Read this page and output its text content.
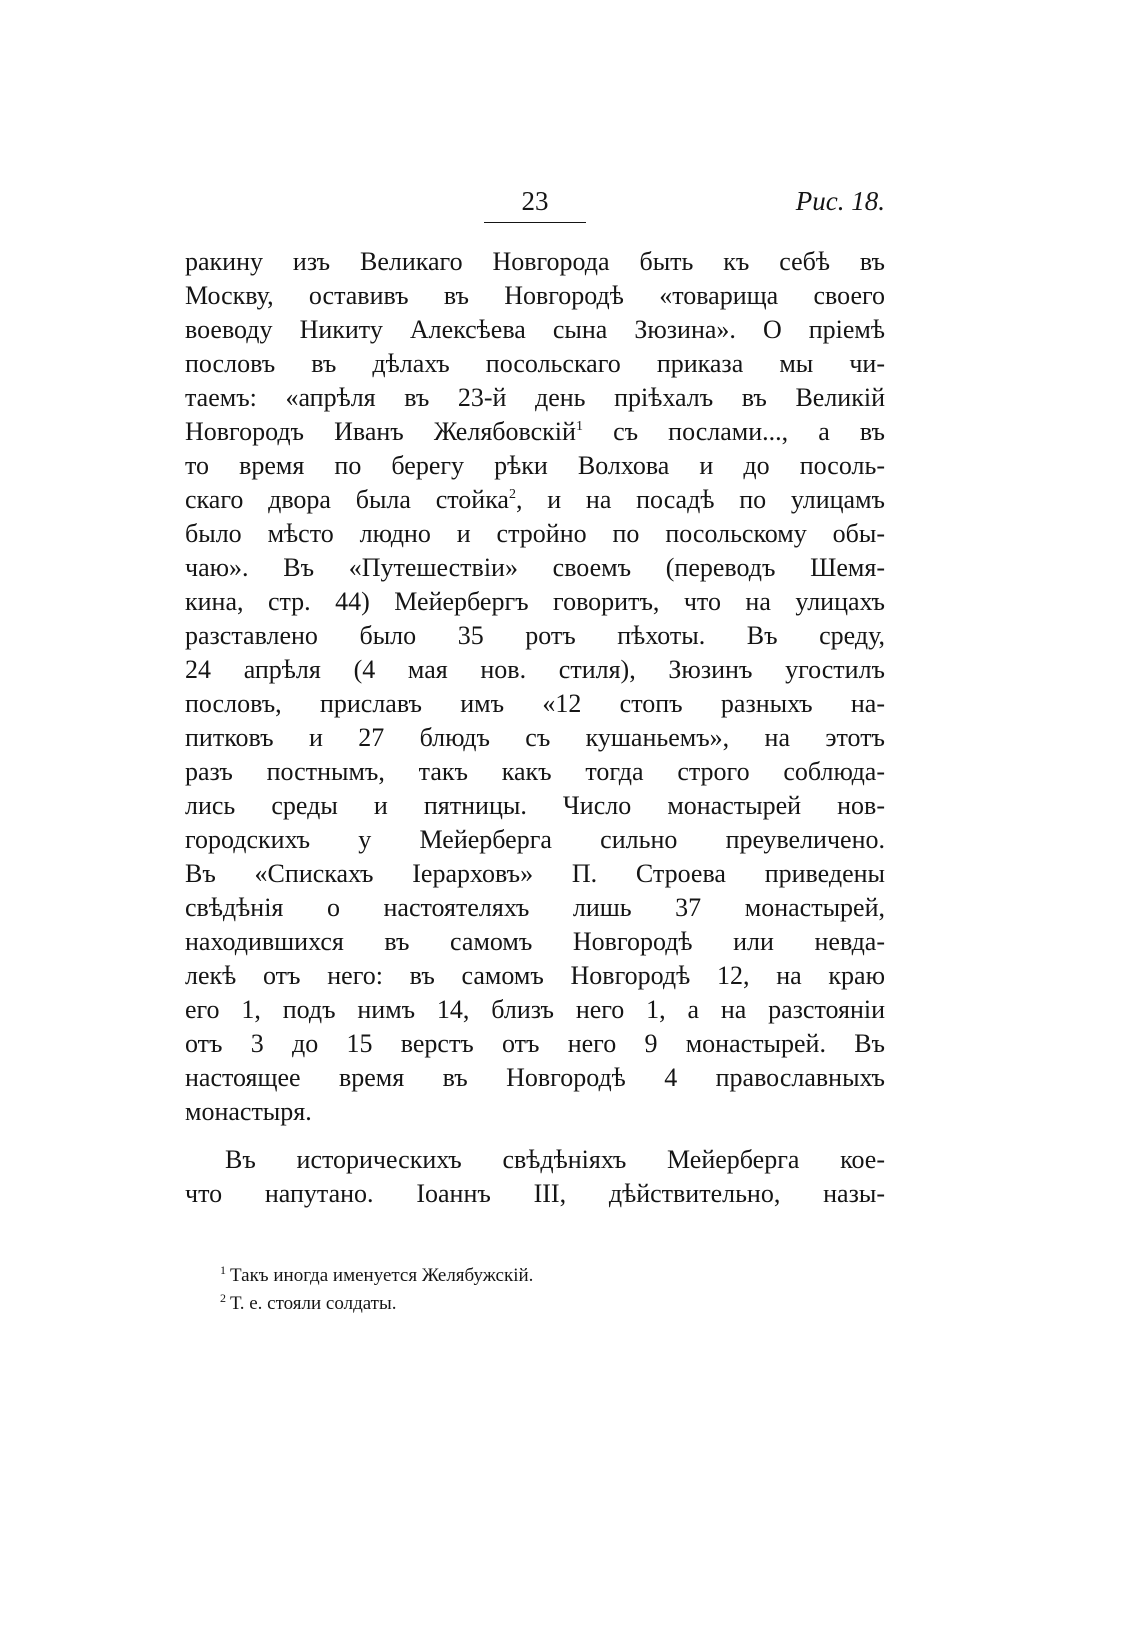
23	Рис. 18.
ракину изъ Великаго Новгорода быть къ себѣ въ
Москву, оставивъ въ Новгородѣ «товарища своего
воеводу Никиту Алексѣева сына Зюзина». О пріемѣ
пословъ въ дѣлахъ посольскаго приказа мы чи-
таемъ: «апрѣля въ 23-й день пріѣхалъ въ Великій
Новгородъ Иванъ Желябовскій$^1$ съ послами..., а въ
то время по берегу рѣки Волхова и до посоль-
скаго двора была стойка$^2$, и на посадѣ по улицамъ
было мѣсто людно и стройно по посольскому обы-
чаю». Въ «Путешествіи» своемъ (переводъ Шемя-
кина, стр. 44) Мейербергъ говоритъ, что на улицахъ
разставлено было 35 ротъ пѣхоты. Въ среду,
24 апрѣля (4 мая нов. стиля), Зюзинъ угостилъ
пословъ, приславъ имъ «12 стопъ разныхъ на-
питковъ и 27 блюдъ съ кушаньемъ», на этотъ
разъ постнымъ, такъ какъ тогда строго соблюда-
лись среды и пятницы. Число монастырей нов-
городскихъ у Мейерберга сильно преувеличено.
Въ «Спискахъ Іерарховъ» П. Строева приведены
свѣдѣнія о настоятеляхъ лишь 37 монастырей,
находившихся въ самомъ Новгородѣ или невда-
лекѣ отъ него: въ самомъ Новгородѣ 12, на краю
его 1, подъ нимъ 14, близъ него 1, а на разстояніи
отъ 3 до 15 верстъ отъ него 9 монастырей. Въ
настоящее время въ Новгородѣ 4 православныхъ
монастыря.
Въ историческихъ свѣдѣніяхъ Мейерберга кое-
что напутано. Іоаннъ III, дѣйствительно, назы-
$^1$ Такъ иногда именуется Желябужскій.
$^2$ Т. е. стояли солдаты.
